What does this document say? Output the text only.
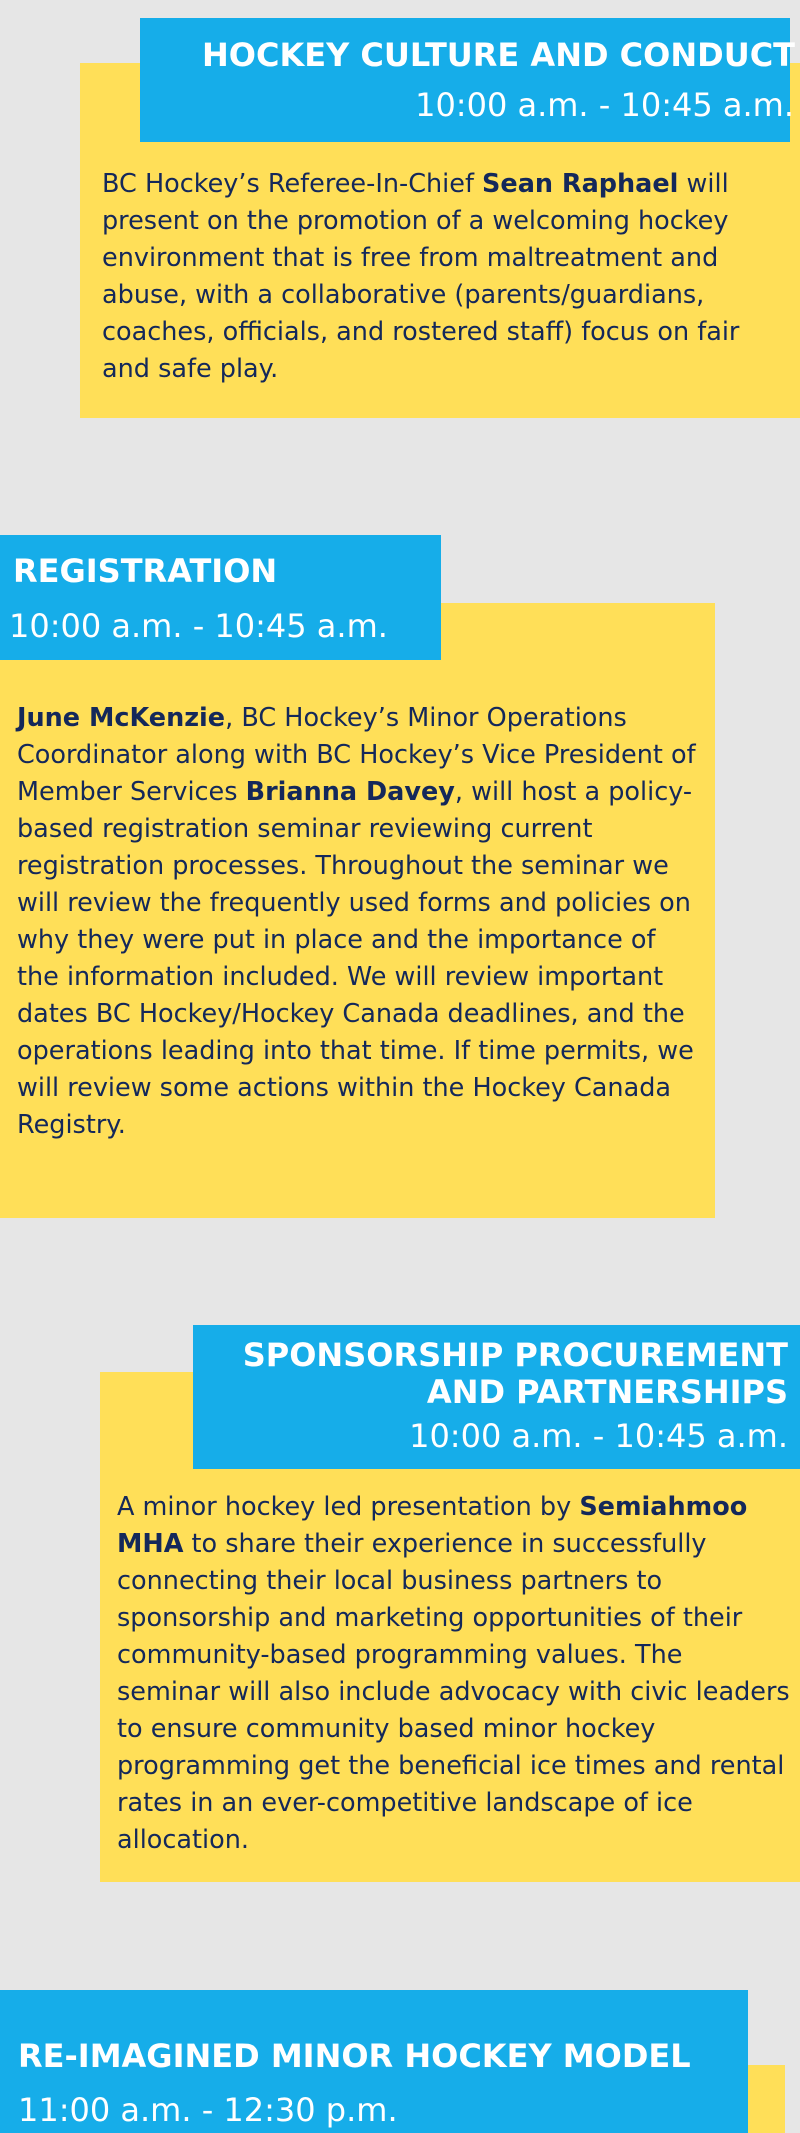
HOCKEY CULTURE AND CONDUCT
10:00 a.m. - 10:45 a.m.
BC Hockey’s Referee-In-Chief Sean Raphael will present on the promotion of a welcoming hockey environment that is free from maltreatment and abuse, with a collaborative (parents/guardians, coaches, officials, and rostered staff) focus on fair and safe play.
REGISTRATION
10:00 a.m. - 10:45 a.m.
June McKenzie, BC Hockey’s Minor Operations Coordinator along with BC Hockey’s Vice President of Member Services Brianna Davey, will host a policy-based registration seminar reviewing current registration processes. Throughout the seminar we will review the frequently used forms and policies on why they were put in place and the importance of the information included. We will review important dates BC Hockey/Hockey Canada deadlines, and the operations leading into that time. If time permits, we will review some actions within the Hockey Canada Registry.
SPONSORSHIP PROCUREMENT
AND PARTNERSHIPS
10:00 a.m. - 10:45 a.m.
A minor hockey led presentation by Semiahmoo MHA to share their experience in successfully connecting their local business partners to sponsorship and marketing opportunities of their community-based programming values. The seminar will also include advocacy with civic leaders to ensure community based minor hockey programming get the beneficial ice times and rental rates in an ever-competitive landscape of ice allocation.
RE-IMAGINED MINOR HOCKEY MODEL
11:00 a.m. - 12:30 p.m.
